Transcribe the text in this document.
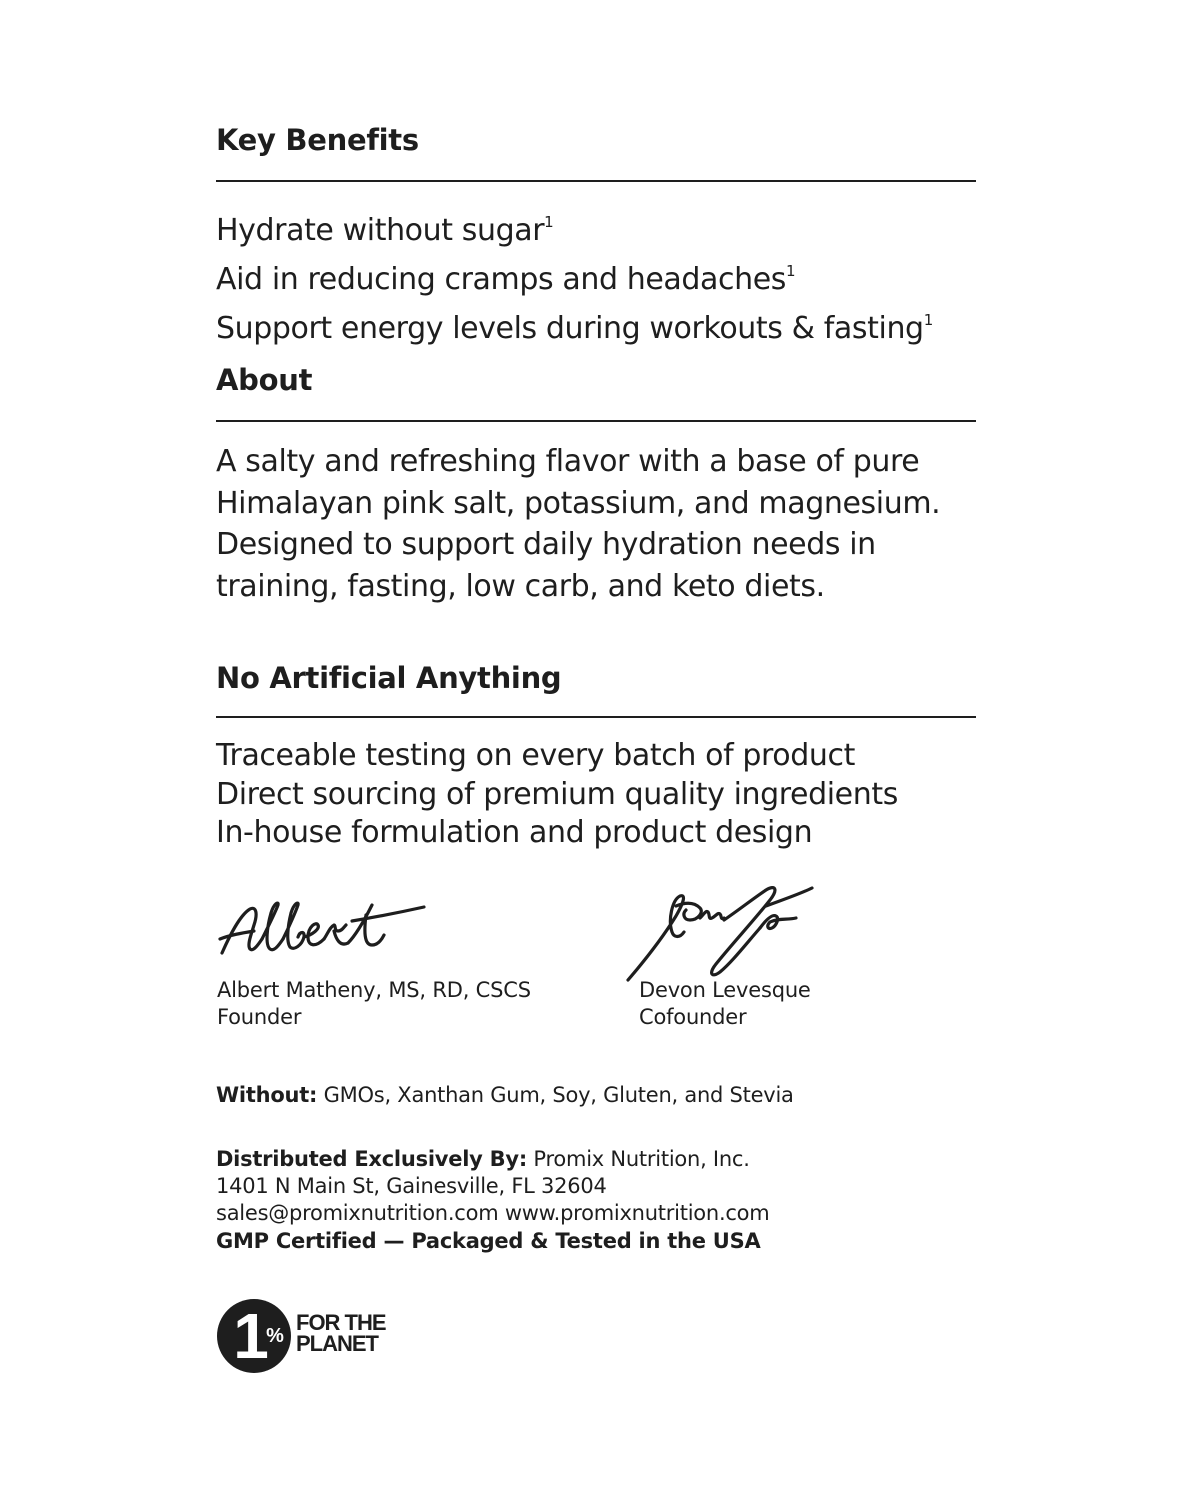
Key Benefits
Hydrate without sugar$^1$
Aid in reducing cramps and headaches$^1$
Support energy levels during workouts & fasting$^1$
About
A salty and refreshing flavor with a base of pure
Himalayan pink salt, potassium, and magnesium.
Designed to support daily hydration needs in
training, fasting, low carb, and keto diets.
No Artificial Anything
Traceable testing on every batch of product
Direct sourcing of premium quality ingredients
In-house formulation and product design
Albert Matheny, MS, RD, CSCS
Founder
Devon Levesque
Cofounder
Without: GMOs, Xanthan Gum, Soy, Gluten, and Stevia
Distributed Exclusively By: Promix Nutrition, Inc.
1401 N Main St, Gainesville, FL 32604
sales@promixnutrition.com www.promixnutrition.com
GMP Certified — Packaged & Tested in the USA
1
%
FOR THE
PLANET
